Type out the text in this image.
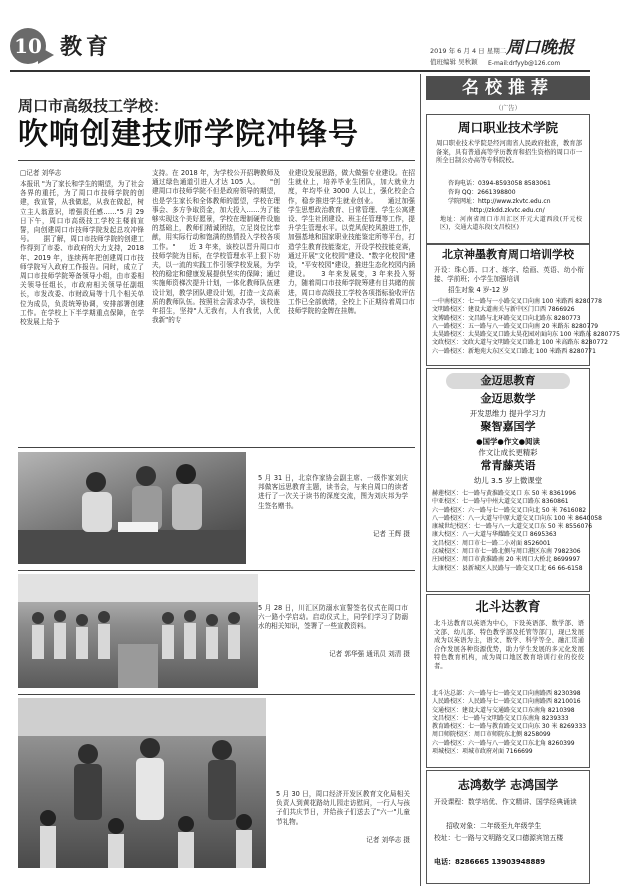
10 教育	2019 年 6 月 4 日 星期二
值班编辑 吴秋颖
周口晚报
E-mail:drfyyb@126.com
周口市高级技工学校：
吹响创建技师学院冲锋号
□记者 刘华志
本报讯 "为了家长和学生的期望，为了社会各界的重托，为了周口市技师学院的创建，我宣誓，从我做起，从我在做起，树立主人翁意识，增强责任感……"5 月 29 日下午，周口市高级技工学校主楼前宣誓，向创建周口市技师学院发起总攻冲锋号。　　据了解，周口市技师学院的创建工作得到了市委、市政府的大力支持，2018 年、2019 年，连续两年把创建周口市技师学院写入政府工作报告。同时，成立了周口市技师学院筹备领导小组，由市委相关领导任组长，市政府相关领导任副组长，市发改委、市财政局等十几个相关单位为成员，负责统筹协调，安排部署创建工作。在学校上下半学期重点保障，在学校发展上给予
支持。在 2018 年，为学校公开招聘教师及通过绿色通道引进人才达 105 人。　　"创建周口市技师学院不但是政府领导的期望，也是学生家长和全体教师的愿望，学校在理事会、多方争取资金，加大投入……为了能够实现这个美好愿景，学校在理制硬件设施的基础上，教师们精诚团结，立足岗位比奉献，用实际行动和饱满的热情投入学校各项工作。"　　近 3 年来，该校以晋升周口市技师学院为目标，在学校管理水平上狠下功夫，以一流的实践工作引领学校发展，为学校的稳定和健康发展提供坚实的保障；通过实施师资梯次提升计划，一体化教师队伍建设计划，教学团队建设计划，打造一支高素质的教师队伍。按照社会需求办学，该校连年招生，坚持"人无我有，人有我优，人优我新"的专
业建设发展思路，做大做强专业建设。在招生就业上，培养毕业生团队，加大就业力度，年均毕业 3000 人以上，强化校企合作，稳步推进学生就业创业。　　通过加强学生思想政治教育、日常管理、学生公寓建设、学生社团建设、班主任管理等工作，提升学生管理水平。以党风促校风推进工作，加强基地和国家职业技能鉴定所等平台，打造学生教育技能鉴定，开设学校技能竞赛，通过开展"文化校园"建设、"数字化校园"建设，"平安校园"建设，推进生态化校园内涵建设。　　3 年来发展变，3 年来投入努力，随着周口市技师学院筹建有目共睹的前进，周口市高级技工学校各项指标验收评估工作已全部就绪，全校上下正期待着周口市技师学院的金牌在挂牌。
5 月 31 日，北京作家协会副主席、一级作家刘庆邦做客远思教育主题，读书会，与来自周口的读者进行了一次关于读书的深度交流，图为刘庆邦为学生签名赠书。
记者 王辉 摄
5 月 28 日，川汇区防溺水宣誓签名仪式在周口市六一路小学启动。启动仪式上，同学们学习了防溺水的相关知识，签署了一些宣教资料。
记者 郭华强 通讯员 刘清 摄
5 月 30 日，周口经济开发区教育文化局相关负责人到黄花路幼儿园走访慰问，一行人与孩子们共庆节日，并给孩子们送去了"六一"儿童节礼物。
记者 刘华志 摄
名校推荐
（广告）
周口职业技术学院
周口职业技术学院是经河南省人民政府批准，教育部备案，具有普通高等学历教育和招生资格的周口市一所全日制公办高等专科院校。
咨询电话：0394-8593058 8583061
咨询 QQ：2661398800
学院网址：http://www.zkvtc.edu.cn
http://zkdd.zkvtc.edu.cn/
地址：河南省周口市川汇区开元大道西段(开元校区)，交通大道东段(文昌校区)
北京神墨教育周口培训学校
开设：珠心算、口才、练字、绘画、英语、幼小衔接、学前班；小学生加强培训
招生对象 4 岁-12 岁
一中南校区：七一路与一小路交叉口向南 100 米路西 8280778
文明路校区：建设大道南关与新中区门口西 7866926
文博路校区：文昌路与北环路交叉口向北路东 8280773
八一路校区：五一路与八一路交叉口向南 20 米路东 8280779
太昊路校区：太昊路交叉口路太昊花园对面向东 100 米路东 8280775
文政校区：文政大道与文明路交叉口路北 100 米高路东 8280772
六一路校区：新地苑大东区交叉口路北 100 米路西 8280771
金迈思教育
金迈思数学
开发思维力 提升学习力
聚智嘉国学
●国学●作文●阅读
作文让成长更精彩
常青藤英语
幼儿 3.5 岁上微课堂
赫莲校区：七一路与黄淮路交叉口 东 50 米 8361996
中亚校区：七一路与中州大道交叉口路东 8360861
六一路校区：六一路与七一路交叉口向北 50 米 7616082
八一路校区：八一大道与中原大道交叉口向东 100 米 8640058
康城世纪校区：七一路与八一大道交叉口东 50 米 8556076
康大校区：八一大道与华耀路交叉口 8695363
文昌校区：周口市七一路二小对面 8526001
汉城校区：周口市七一路北侧与周口港区东南 7982306
庄园校区：周口市黄淮路南 20 米周口大桥北 8699997
太康校区：县新城区人民路与一路交叉口北 66 66-6158
北斗达教育
北斗达教育以英语为中心，下设英语部、数学部、语文部、幼儿部、特色教学部及托管等部门，现已发展成为以英语为主，语文、数学、科学等全、融汇贯通合作发展各种资源优势，助力学生发展的多元化发展特色教育机构，成为周口地区教育培训行业的佼佼者。
北斗达总部：六一路与七一路交叉口向南路西 8230398
人民路校区：人民路与七一路交叉口向南路西 8210016
交通校区：建设大道与交通路交叉口东南角 8210398
文昌校区：七一路与文明路交叉口东南角 8239333
教育路校区：七一路与教育路交叉口向东 30 米 8269333
周口师院校区：周口市师院东北侧 8258099
六一路校区：六一路与八一路交叉口东北角 8260399
项城校区：项城市政府对面 7166699
志鸿数学 志鸿国学
开设课程：数学培优、作文精讲、国学经典诵读
招收对象：二年级至九年级学生
校址：七一路与文明路交叉口德源宾馆五楼
电话：8286665 13903948889
